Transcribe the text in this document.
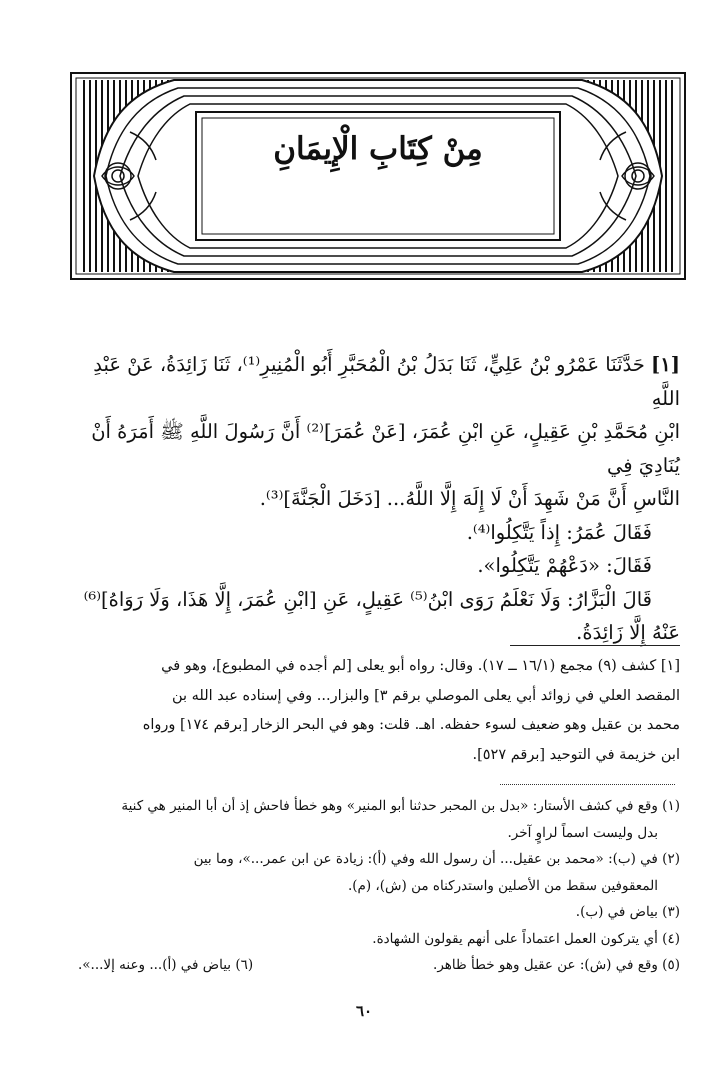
مِنْ كِتَابِ الْإِيمَانِ

[١] حَدَّثَنَا عَمْرُو بْنُ عَلِيٍّ، ثَنَا بَدَلُ بْنُ الْمُحَبَّرِ أَبُو الْمُنِيرِ⁽¹⁾، ثَنَا زَائِدَةُ، عَنْ عَبْدِ اللَّهِ

ابْنِ مُحَمَّدِ بْنِ عَقِيلٍ، عَنِ ابْنِ عُمَرَ، [عَنْ عُمَرَ]⁽²⁾ أَنَّ رَسُولَ اللَّهِ ﷺ أَمَرَهُ أَنْ يُنَادِيَ فِي

النَّاسِ أَنَّ مَنْ شَهِدَ أَنْ لَا إِلَهَ إِلَّا اللَّهُ... [دَخَلَ الْجَنَّةَ]⁽³⁾.

فَقَالَ عُمَرُ: إِذاً يَتَّكِلُوا⁽⁴⁾.

فَقَالَ: «دَعْهُمْ يَتَّكِلُوا».

قَالَ الْبَزَّارُ: وَلَا نَعْلَمُ رَوَى ابْنُ⁽⁵⁾ عَقِيلٍ، عَنِ [ابْنِ عُمَرَ، إِلَّا هَذَا، وَلَا رَوَاهُ]⁽⁶⁾

عَنْهُ إِلَّا زَائِدَةُ.

[١] كشف (٩) مجمع (١٦/١ ــ ١٧). وقال: رواه أبو يعلى [لم أجده في المطبوع]، وهو في
المقصد العلي في زوائد أبي يعلى الموصلي برقم ٣] والبزار... وفي إسناده عبد الله بن
محمد بن عقيل وهو ضعيف لسوء حفظه. اهـ. قلت: وهو في البحر الزخار [برقم ١٧٤] ورواه
ابن خزيمة في التوحيد [برقم ٥٢٧].
(١) وقع في كشف الأستار: «بدل بن المحبر حدثنا أبو المنير» وهو خطأ فاحش إذ أن أبا المنير هي كنية
بدل وليست اسماً لراوٍ آخر.
(٢) في (ب): «محمد بن عقيل... أن رسول الله وفي (أ): زيادة عن ابن عمر...»، وما بين
المعقوفين سقط من الأصلين واستدركناه من (ش)، (م).
(٣) بياض في (ب).
(٤) أي يتركون العمل اعتماداً على أنهم يقولون الشهادة.
(٥) وقع في (ش): عن عقيل وهو خطأ ظاهر.
(٦) بياض في (أ)... وعنه إلا...».
٦٠
